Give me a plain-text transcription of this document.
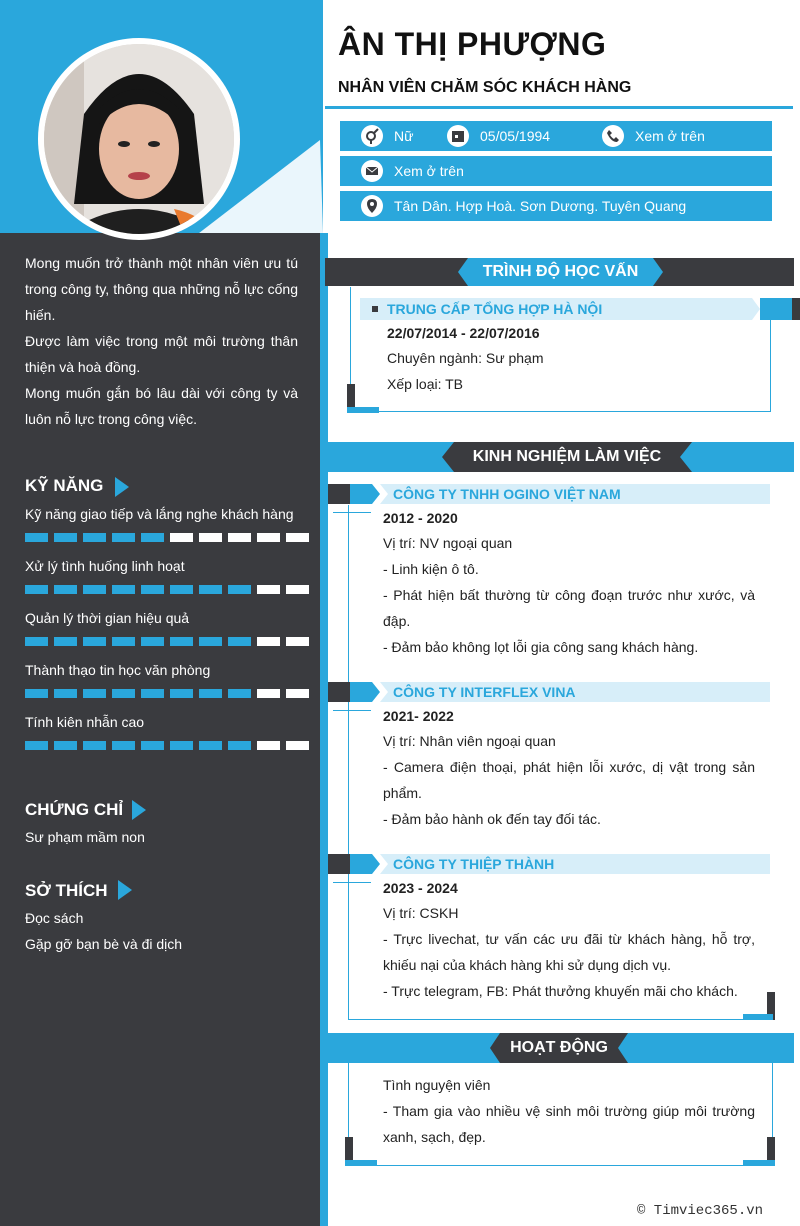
Mong muốn trở thành một nhân viên ưu tú trong công ty, thông qua những nỗ lực cống hiến.

Được làm việc trong một môi trường thân thiện và hoà đồng.

Mong muốn gắn bó lâu dài với công ty và luôn nỗ lực trong công việc.

KỸ NĂNG
Kỹ năng giao tiếp và lắng nghe khách hàng
Xử lý tình huống linh hoạt
Quản lý thời gian hiệu quả
Thành thạo tin học văn phòng
Tính kiên nhẫn cao
CHỨNG CHỈ
Sư phạm mầm non
SỞ THÍCH
Đọc sách
Gặp gỡ bạn bè và đi dịch
ÂN THỊ PHƯỢNG
NHÂN VIÊN CHĂM SÓC KHÁCH HÀNG
Nữ	05/05/1994	Xem ở trên
Xem ở trên
Tân Dân. Hợp Hoà. Sơn Dương. Tuyên Quang
TRÌNH ĐỘ HỌC VẤN
TRUNG CẤP TỔNG HỢP HÀ NỘI
22/07/2014 - 22/07/2016
Chuyên ngành: Sư phạm
Xếp loại: TB
KINH NGHIỆM LÀM VIỆC
CÔNG TY TNHH OGINO VIỆT NAM
2012 - 2020
Vị trí: NV ngoại quan
- Linh kiện ô tô.
- Phát hiện bất thường từ công đoạn trước như xước, và đập.
- Đảm bảo không lọt lỗi gia công sang khách hàng.
CÔNG TY INTERFLEX VINA
2021- 2022
Vị trí: Nhân viên ngoại quan
- Camera điện thoại, phát hiện lỗi xước, dị vật trong sản phẩm.
- Đảm bảo hành ok đến tay đối tác.
CÔNG TY THIỆP THÀNH
2023 - 2024
Vị trí: CSKH
- Trực livechat, tư vấn các ưu đãi từ khách hàng, hỗ trợ, khiếu nại của khách hàng khi sử dụng dịch vụ.
- Trực telegram, FB: Phát thưởng khuyến mãi cho khách.
HOẠT ĐỘNG
Tình nguyện viên
- Tham gia vào nhiều vệ sinh môi trường giúp môi trường xanh, sạch, đẹp.
© Timviec365.vn
